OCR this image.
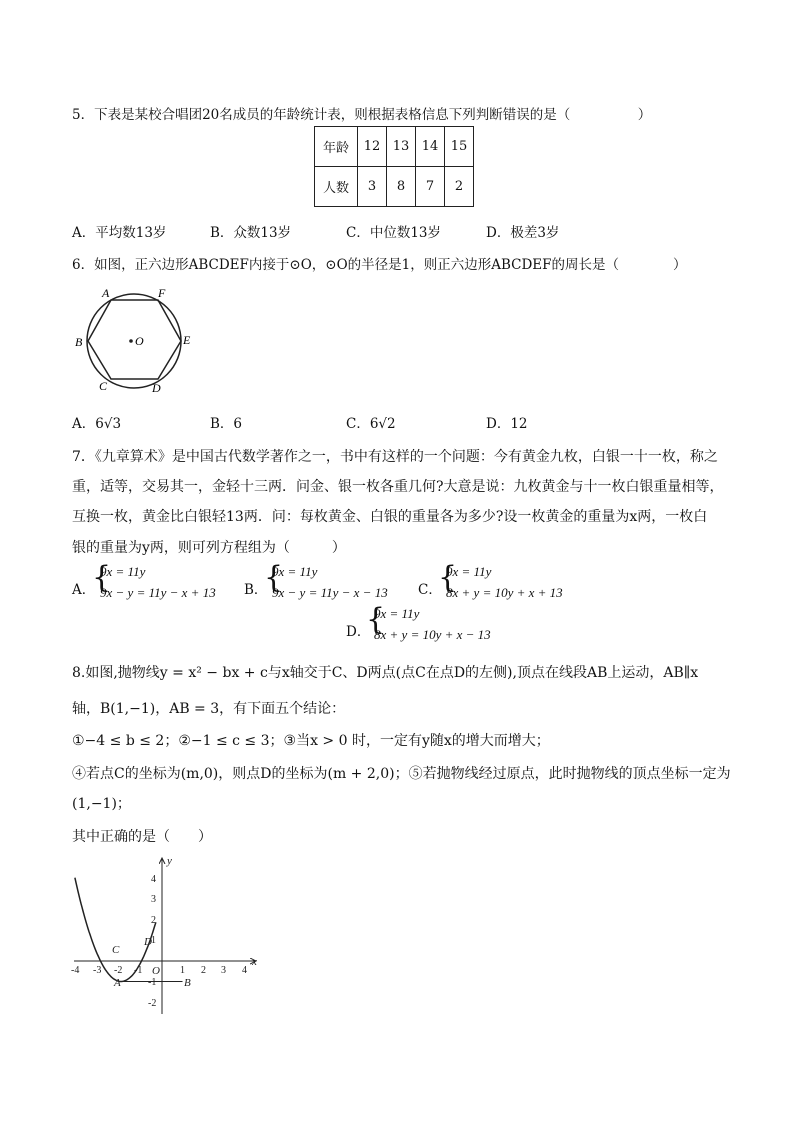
5．下表是某校合唱团20名成员的年龄统计表，则根据表格信息下列判断错误的是（　　　　　）
年龄	12	13	14	15
人数	3	8	7	2
A．平均数13岁	B．众数13岁	C．中位数13岁	D．极差3岁
6．如图，正六边形ABCDEF内接于⊙O，⊙O的半径是1，则正六边形ABCDEF的周长是（　　　　）
A	F
B	E
C	D
O
A．6√3	B．6	C．6√2	D．12
7．《九章算术》是中国古代数学著作之一，书中有这样的一个问题：今有黄金九枚，白银一十一枚，称之
重，适等，交易其一，金轻十三两．问金、银一枚各重几何?大意是说：九枚黄金与十一枚白银重量相等，
互换一枚，黄金比白银轻13两．问：每枚黄金、白银的重量各为多少?设一枚黄金的重量为x两，一枚白
银的重量为y两，则可列方程组为（　　　）
A．
{
9x = 11y
9x − y = 11y − x + 13 B．
{
9x = 11y
9x − y = 11y − x − 13 C．
{
9x = 11y
8x + y = 10y + x + 13
D．
{
9x = 11y
8x + y = 10y + x − 13
8.如图,抛物线y = x² − bx + c与x轴交于C、D两点(点C在点D的左侧),顶点在线段AB上运动，AB∥x
轴，B(1,−1)，AB = 3，有下面五个结论：
①−4 ≤ b ≤ 2；②−1 ≤ c ≤ 3；③当x > 0 时，一定有y随x的增大而增大；
④若点C的坐标为(m,0)，则点D的坐标为(m + 2,0)；⑤若抛物线经过原点，此时抛物线的顶点坐标一定为
(1,−1)；
其中正确的是（　　）
-4 -3 -2 -1	1 2 3 4
4
3
2
1
-1
-2
x
y
C
D
O
A	B
